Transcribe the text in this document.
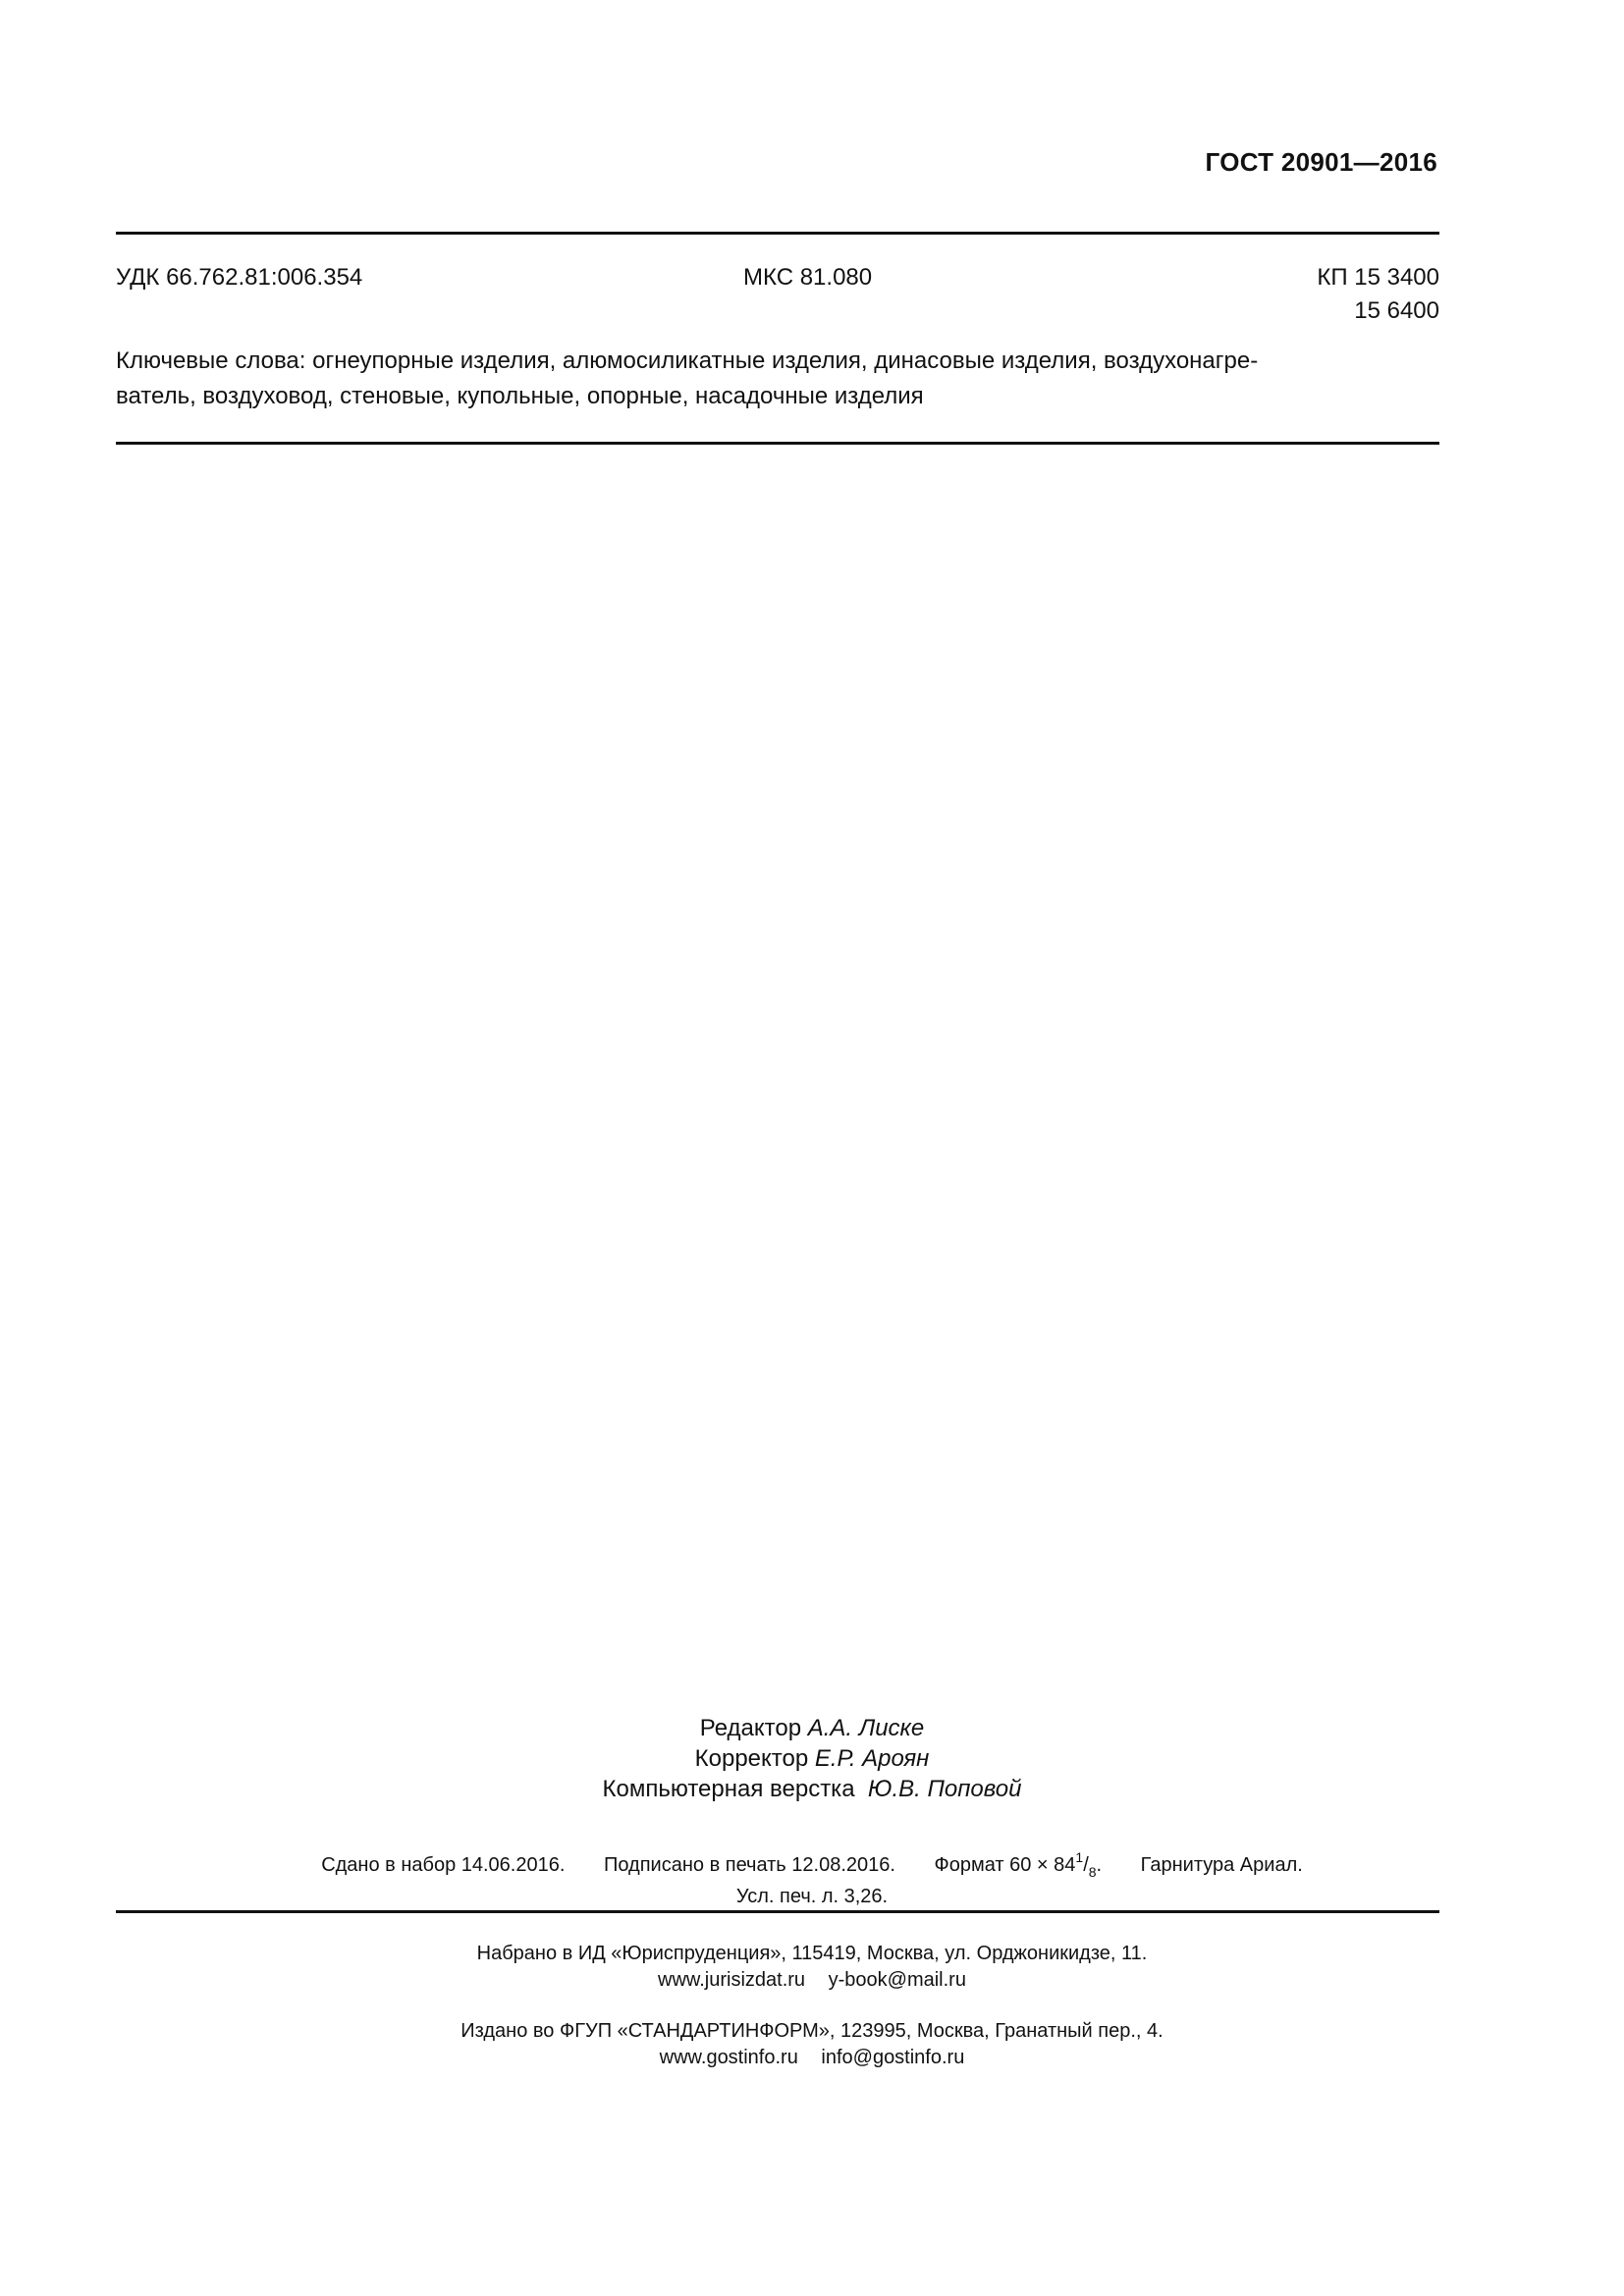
ГОСТ 20901—2016
УДК 66.762.81:006.354	МКС 81.080	КП 15 3400
15 6400
Ключевые слова: огнеупорные изделия, алюмосиликатные изделия, динасовые изделия, воздухонагре-
ватель, воздуховод, стеновые, купольные, опорные, насадочные изделия
Редактор А.А. Лиске
Корректор Е.Р. Ароян
Компьютерная верстка Ю.В. Поповой
Сдано в набор 14.06.2016. Подписано в печать 12.08.2016. Формат $60 \times 84^1/_8$. Гарнитура Ариал.
Усл. печ. л. 3,26.
Набрано в ИД «Юриспруденция», 115419, Москва, ул. Орджоникидзе, 11.
www.jurisizdat.ru y-book@mail.ru
Издано во ФГУП «СТАНДАРТИНФОРМ», 123995, Москва, Гранатный пер., 4.
www.gostinfo.ru info@gostinfo.ru
